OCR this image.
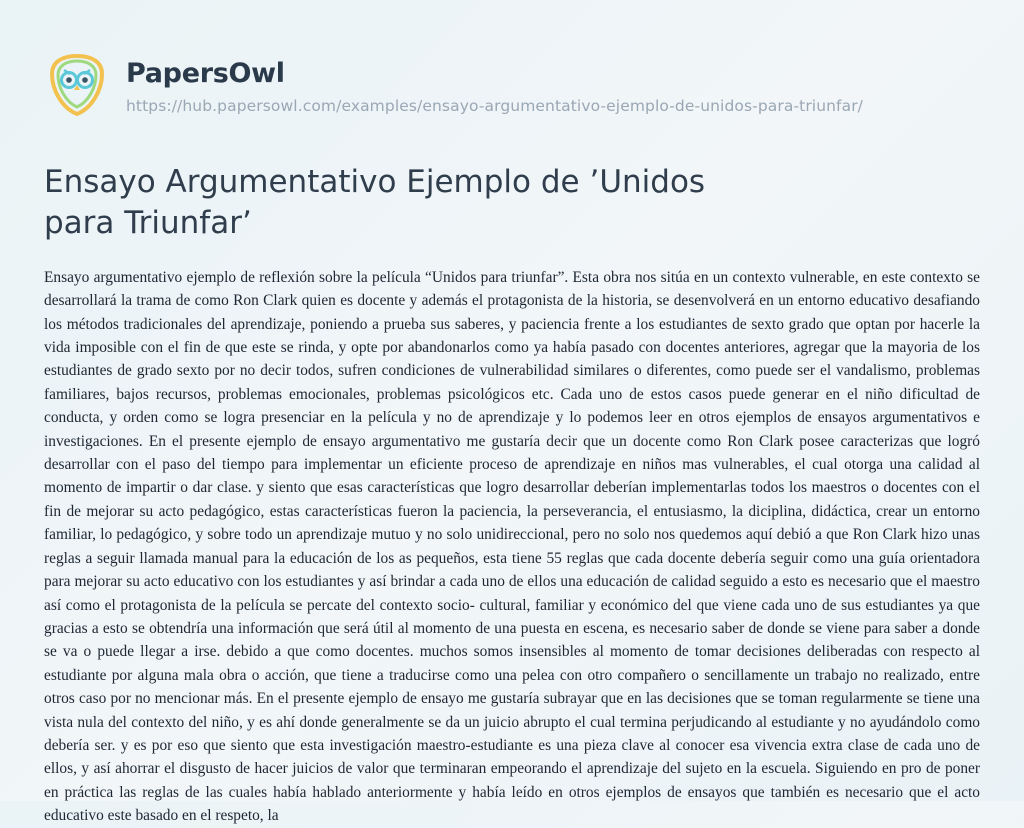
PapersOwl
https://hub.papersowl.com/examples/ensayo-argumentativo-ejemplo-de-unidos-para-triunfar/
Ensayo Argumentativo Ejemplo de ’Unidos para Triunfar’

Ensayo argumentativo ejemplo de reflexión sobre la película “Unidos para triunfar”. Esta obra nos sitúa en un contexto vulnerable, en este contexto se desarrollará la trama de como Ron Clark quien es docente y además el protagonista de la historia, se desenvolverá en un entorno educativo desafiando los métodos tradicionales del aprendizaje, poniendo a prueba sus saberes, y paciencia frente a los estudiantes de sexto grado que optan por hacerle la vida imposible con el fin de que este se rinda, y opte por abandonarlos como ya había pasado con docentes anteriores, agregar que la mayoria de los estudiantes de grado sexto por no decir todos, sufren condiciones de vulnerabilidad similares o diferentes, como puede ser el vandalismo, problemas familiares, bajos recursos, problemas emocionales, problemas psicológicos etc. Cada uno de estos casos puede generar en el niño dificultad de conducta, y orden como se logra presenciar en la película y no de aprendizaje y lo podemos leer en otros ejemplos de ensayos argumentativos e investigaciones. En el presente ejemplo de ensayo argumentativo me gustaría decir que un docente como Ron Clark posee caracterizas que logró desarrollar con el paso del tiempo para implementar un eficiente proceso de aprendizaje en niños mas vulnerables, el cual otorga una calidad al momento de impartir o dar clase. y siento que esas características que logro desarrollar deberían implementarlas todos los maestros o docentes con el fin de mejorar su acto pedagógico, estas características fueron la paciencia, la perseverancia, el entusiasmo, la diciplina, didáctica, crear un entorno familiar, lo pedagógico, y sobre todo un aprendizaje mutuo y no solo unidireccional, pero no solo nos quedemos aquí debió a que Ron Clark hizo unas reglas a seguir llamada manual para la educación de los as pequeños, esta tiene 55 reglas que cada docente debería seguir como una guía orientadora para mejorar su acto educativo con los estudiantes y así brindar a cada uno de ellos una educación de calidad seguido a esto es necesario que el maestro así como el protagonista de la película se percate del contexto socio- cultural, familiar y económico del que viene cada uno de sus estudiantes ya que gracias a esto se obtendría una información que será útil al momento de una puesta en escena, es necesario saber de donde se viene para saber a donde se va o puede llegar a irse. debido a que como docentes. muchos somos insensibles al momento de tomar decisiones deliberadas con respecto al estudiante por alguna mala obra o acción, que tiene a traducirse como una pelea con otro compañero o sencillamente un trabajo no realizado, entre otros caso por no mencionar más. En el presente ejemplo de ensayo me gustaría subrayar que en las decisiones que se toman regularmente se tiene una vista nula del contexto del niño, y es ahí donde generalmente se da un juicio abrupto el cual termina perjudicando al estudiante y no ayudándolo como debería ser. y es por eso que siento que esta investigación maestro-estudiante es una pieza clave al conocer esa vivencia extra clase de cada uno de ellos, y así ahorrar el disgusto de hacer juicios de valor que terminaran empeorando el aprendizaje del sujeto en la escuela. Siguiendo en pro de poner en práctica las reglas de las cuales había hablado anteriormente y había leído en otros ejemplos de ensayos que también es necesario que el acto educativo este basado en el respeto, la
